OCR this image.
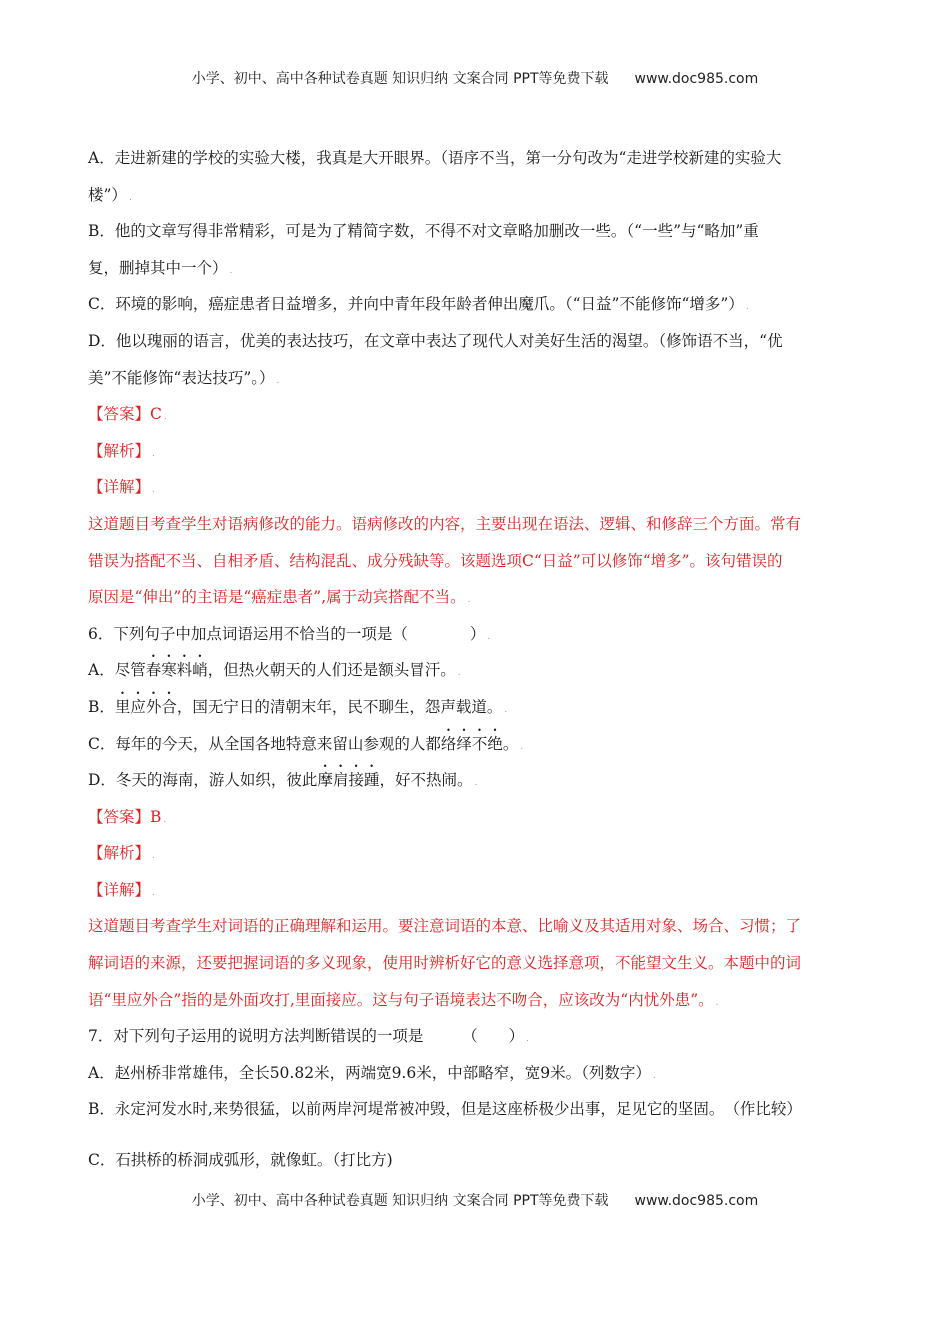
小学、初中、高中各种试卷真题 知识归纳 文案合同 PPT等免费下载 www.doc985.com
A．走进新建的学校的实验大楼，我真是大开眼界。（语序不当，第一分句改为“走进学校新建的实验大
楼”） .
B．他的文章写得非常精彩，可是为了精简字数，不得不对文章略加删改一些。（“一些”与“略加”重
复，删掉其中一个） .
C．环境的影响，癌症患者日益增多，并向中青年段年龄者伸出魔爪。（“日益”不能修饰“增多”） .
D．他以瑰丽的语言，优美的表达技巧，在文章中表达了现代人对美好生活的渴望。（修饰语不当，“优
美”不能修饰“表达技巧”。） .
【答案】C .
【解析】 .
【详解】 .
这道题目考查学生对语病修改的能力。语病修改的内容，主要出现在语法、逻辑、和修辞三个方面。常有
错误为搭配不当、自相矛盾、结构混乱、成分残缺等。该题选项C“日益”可以修饰“增多”。该句错误的
原因是“伸出”的主语是“癌症患者”,属于动宾搭配不当。 .
6．下列句子中加点词语运用不恰当的一项是（　　　　） .
A．尽管春寒料峭，但热火朝天的人们还是额头冒汗。 .
B．里应外合，国无宁日的清朝末年，民不聊生，怨声载道。 .
C．每年的今天，从全国各地特意来留山参观的人都络绎不绝。 .
D．冬天的海南，游人如织，彼此摩肩接踵，好不热闹。 .
【答案】B .
【解析】 .
【详解】 .
这道题目考查学生对词语的正确理解和运用。要注意词语的本意、比喻义及其适用对象、场合、习惯；了
解词语的来源，还要把握词语的多义现象，使用时辨析好它的意义选择意项，不能望文生义。本题中的词
语“里应外合”指的是外面攻打,里面接应。这与句子语境表达不吻合，应该改为“内忧外患”。 .
7．对下列句子运用的说明方法判断错误的一项是　　　（　　） .
A．赵州桥非常雄伟，全长50.82米，两端宽9.6米，中部略窄，宽9米。（列数字） .
B．永定河发水时,来势很猛，以前两岸河堤常被冲毁，但是这座桥极少出事，足见它的坚固。　（作比较）
C．石拱桥的桥洞成弧形，就像虹。（打比方)
小学、初中、高中各种试卷真题 知识归纳 文案合同 PPT等免费下载 www.doc985.com
